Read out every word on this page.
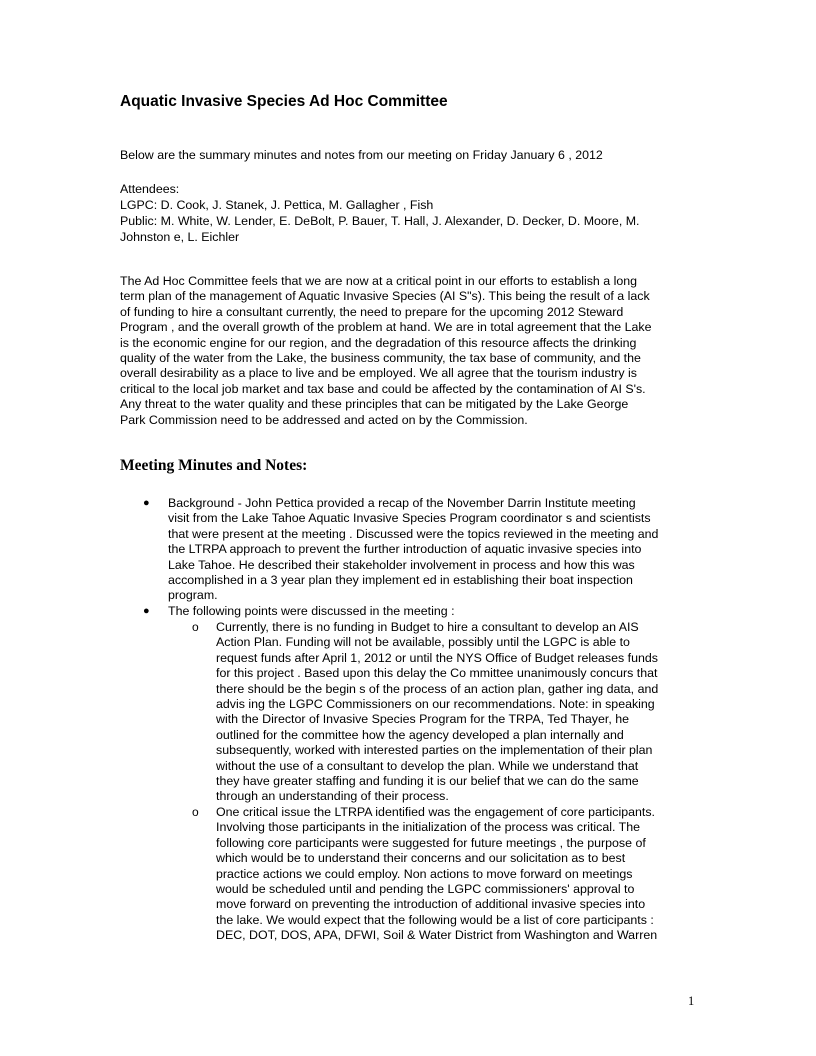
Aquatic Invasive Species Ad Hoc Committee
Below are the summary minutes and notes from our meeting on Friday January 6 , 2012
Attendees:
LGPC: D. Cook, J. Stanek, J. Pettica, M. Gallagher , Fish
Public: M. White, W. Lender, E. DeBolt, P. Bauer, T. Hall, J. Alexander, D. Decker, D. Moore, M.
Johnston e, L. Eichler
The Ad Hoc Committee feels that we are now at a critical point in our efforts to establish a long
term plan of the management of Aquatic Invasive Species (AI S"s). This being the result of a lack
of funding to hire a consultant currently, the need to prepare for the upcoming 2012 Steward
Program , and the overall growth of the problem at hand. We are in total agreement that the Lake
is the economic engine for our region, and the degradation of this resource affects the drinking
quality of the water from the Lake, the business community, the tax base of community, and the
overall desirability as a place to live and be employed. We all agree that the tourism industry is
critical to the local job market and tax base and could be affected by the contamination of AI S's.
Any threat to the water quality and these principles that can be mitigated by the Lake George
Park Commission need to be addressed and acted on by the Commission.
Meeting Minutes and Notes:
● Background - John Pettica provided a recap of the November Darrin Institute meeting
visit from the Lake Tahoe Aquatic Invasive Species Program coordinator s and scientists
that were present at the meeting . Discussed were the topics reviewed in the meeting and
the LTRPA approach to prevent the further introduction of aquatic invasive species into
Lake Tahoe. He described their stakeholder involvement in process and how this was
accomplished in a 3 year plan they implement ed in establishing their boat inspection
program.
● The following points were discussed in the meeting :
o Currently, there is no funding in Budget to hire a consultant to develop an AIS
Action Plan. Funding will not be available, possibly until the LGPC is able to
request funds after April 1, 2012 or until the NYS Office of Budget releases funds
for this project . Based upon this delay the Co mmittee unanimously concurs that
there should be the begin s of the process of an action plan, gather ing data, and
advis ing the LGPC Commissioners on our recommendations. Note: in speaking
with the Director of Invasive Species Program for the TRPA, Ted Thayer, he
outlined for the committee how the agency developed a plan internally and
subsequently, worked with interested parties on the implementation of their plan
without the use of a consultant to develop the plan. While we understand that
they have greater staffing and funding it is our belief that we can do the same
through an understanding of their process.
o One critical issue the LTRPA identified was the engagement of core participants.
Involving those participants in the initialization of the process was critical. The
following core participants were suggested for future meetings , the purpose of
which would be to understand their concerns and our solicitation as to best
practice actions we could employ. Non actions to move forward on meetings
would be scheduled until and pending the LGPC commissioners' approval to
move forward on preventing the introduction of additional invasive species into
the lake. We would expect that the following would be a list of core participants :
DEC, DOT, DOS, APA, DFWI, Soil & Water District from Washington and Warren
1
